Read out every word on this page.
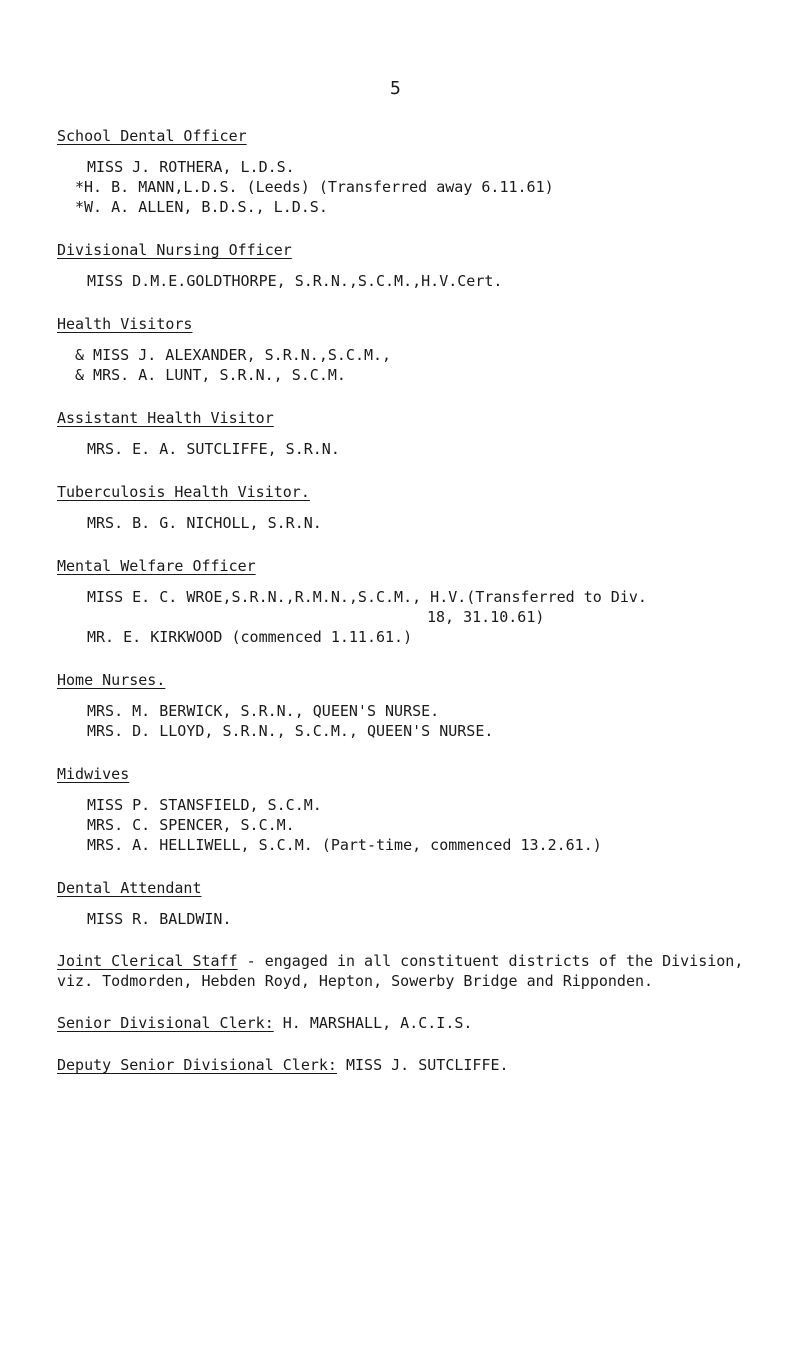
5

School Dental Officer

MISS J. ROTHERA, L.D.S.

*H. B. MANN,L.D.S. (Leeds) (Transferred away 6.11.61)

*W. A. ALLEN, B.D.S., L.D.S.

Divisional Nursing Officer

MISS D.M.E.GOLDTHORPE, S.R.N.,S.C.M.,H.V.Cert.

Health Visitors

& MISS J. ALEXANDER, S.R.N.,S.C.M.,

& MRS. A. LUNT, S.R.N., S.C.M.

Assistant Health Visitor

MRS. E. A. SUTCLIFFE, S.R.N.

Tuberculosis Health Visitor.

MRS. B. G. NICHOLL, S.R.N.

Mental Welfare Officer

MISS E. C. WROE,S.R.N.,R.M.N.,S.C.M., H.V.(Transferred to Div.

18, 31.10.61)

MR. E. KIRKWOOD (commenced 1.11.61.)

Home Nurses.

MRS. M. BERWICK, S.R.N., QUEEN'S NURSE.

MRS. D. LLOYD, S.R.N., S.C.M., QUEEN'S NURSE.

Midwives

MISS P. STANSFIELD, S.C.M.

MRS. C. SPENCER, S.C.M.

MRS. A. HELLIWELL, S.C.M. (Part-time, commenced 13.2.61.)

Dental Attendant

MISS R. BALDWIN.

Joint Clerical Staff - engaged in all constituent districts of the Division, viz. Todmorden, Hebden Royd, Hepton, Sowerby Bridge and Ripponden.

Senior Divisional Clerk: H. MARSHALL, A.C.I.S.

Deputy Senior Divisional Clerk: MISS J. SUTCLIFFE.
